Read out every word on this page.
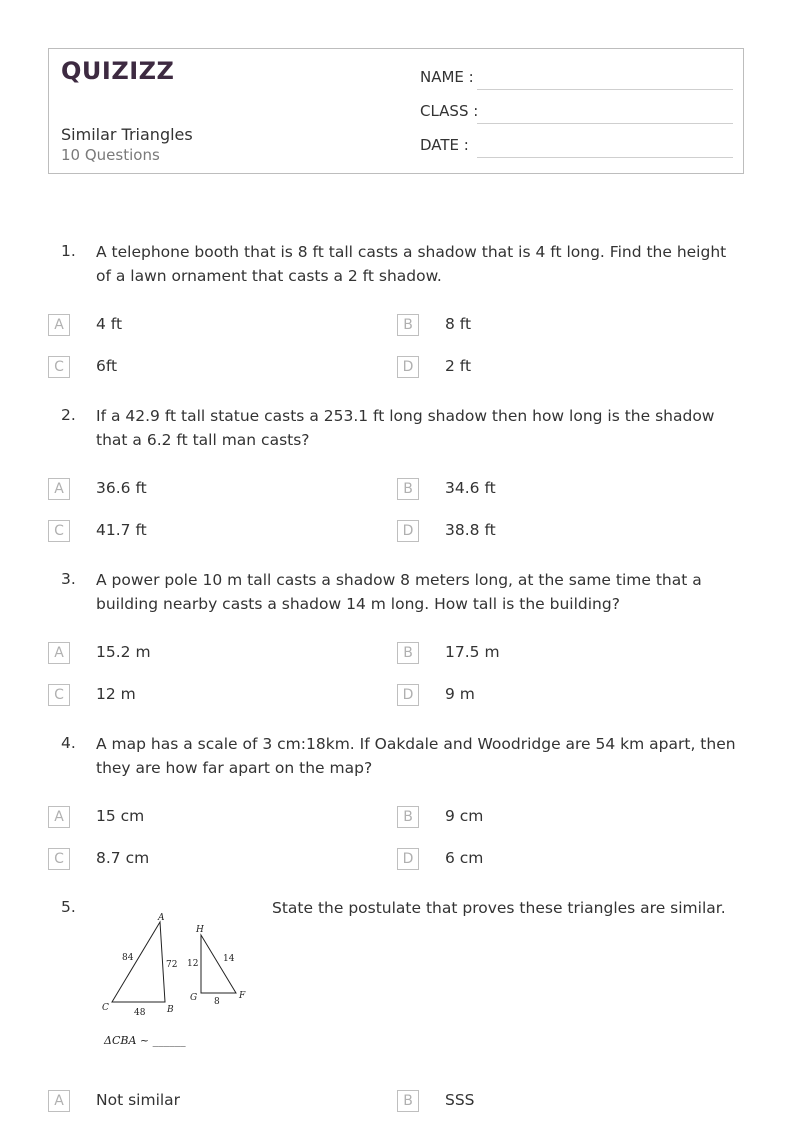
QUIZIZZ
Similar Triangles
10 Questions
NAME :
CLASS :
DATE :
1. A telephone booth that is 8 ft tall casts a shadow that is 4 ft long. Find the height of a lawn ornament that casts a 2 ft shadow.
A	4 ft	B	8 ft
C	6ft	D	2 ft
2. If a 42.9 ft tall statue casts a 253.1 ft long shadow then how long is the shadow that a 6.2 ft tall man casts?
A	36.6 ft	B	34.6 ft
C	41.7 ft	D	38.8 ft
3. A power pole 10 m tall casts a shadow 8 meters long, at the same time that a building nearby casts a shadow 14 m long. How tall is the building?
A	15.2 m	B	17.5 m
C	12 m	D	9 m
4. A map has a scale of 3 cm:18km. If Oakdale and Woodridge are 54 km apart, then they are how far apart on the map?
A	15 cm	B	9 cm
C	8.7 cm	D	6 cm
5.	State the postulate that proves these triangles are similar.
A
B
C
H
G	F
84
72
48
12	14
8
ΔCBA ~ ______
A	Not similar	B	SSS
